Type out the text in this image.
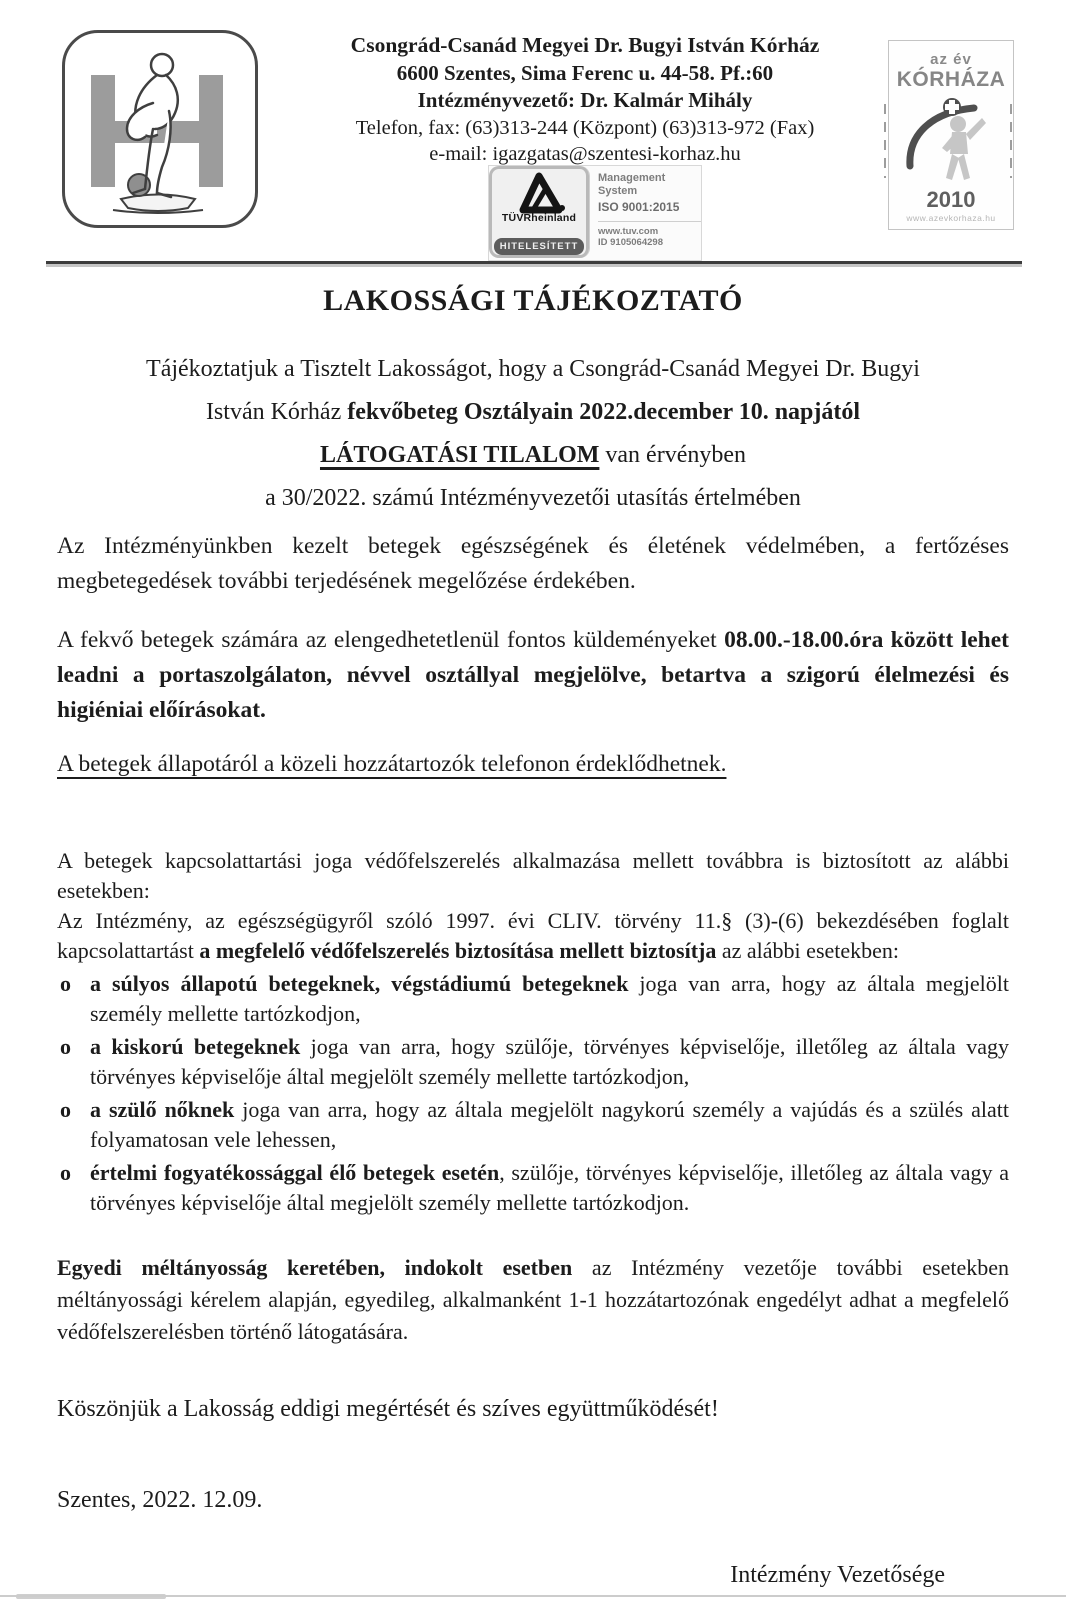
Csongrád-Csanád Megyei Dr. Bugyi István Kórház
6600 Szentes, Sima Ferenc u. 44-58. Pf.:60
Intézményvezető: Dr. Kalmár Mihály
Telefon, fax: (63)313-244 (Központ) (63)313-972 (Fax)
e-mail: igazgatas@szentesi-korhaz.hu
TÜVRheinland
HITELESÍTETT
Management
System
ISO 9001:2015
www.tuv.com
ID 9105064298
az év
KÓRHÁZA
2010
www.azevkorhaza.hu
LAKOSSÁGI TÁJÉKOZTATÓ
Tájékoztatjuk a Tisztelt Lakosságot, hogy a Csongrád-Csanád Megyei Dr. Bugyi
István Kórház fekvőbeteg Osztályain 2022.december 10. napjától
LÁTOGATÁSI TILALOM van érvényben
a 30/2022. számú Intézményvezetői utasítás értelmében

Az Intézményünkben kezelt betegek egészségének és életének védelmében, a fertőzéses megbetegedések további terjedésének megelőzése érdekében.

A fekvő betegek számára az elengedhetetlenül fontos küldeményeket 08.00.-18.00.óra között lehet leadni a portaszolgálaton, névvel osztállyal megjelölve, betartva a szigorú élelmezési és higiéniai előírásokat.

A betegek állapotáról a közeli hozzátartozók telefonon érdeklődhetnek.

A betegek kapcsolattartási joga védőfelszerelés alkalmazása mellett továbbra is biztosított az alábbi esetekben:

Az Intézmény, az egészségügyről szóló 1997. évi CLIV. törvény 11.§ (3)-(6) bekezdésében foglalt kapcsolattartást a megfelelő védőfelszerelés biztosítása mellett biztosítja az alábbi esetekben:

o a súlyos állapotú betegeknek, végstádiumú betegeknek joga van arra, hogy az általa megjelölt személy mellette tartózkodjon,
o a kiskorú betegeknek joga van arra, hogy szülője, törvényes képviselője, illetőleg az általa vagy törvényes képviselője által megjelölt személy mellette tartózkodjon,
o a szülő nőknek joga van arra, hogy az általa megjelölt nagykorú személy a vajúdás és a szülés alatt folyamatosan vele lehessen,
o értelmi fogyatékossággal élő betegek esetén, szülője, törvényes képviselője, illetőleg az általa vagy a törvényes képviselője által megjelölt személy mellette tartózkodjon.

Egyedi méltányosság keretében, indokolt esetben az Intézmény vezetője további esetekben méltányossági kérelem alapján, egyedileg, alkalmanként 1-1 hozzátartozónak engedélyt adhat a megfelelő védőfelszerelésben történő látogatására.

Köszönjük a Lakosság eddigi megértését és szíves együttműködését!

Szentes, 2022. 12.09.

Intézmény Vezetősége
